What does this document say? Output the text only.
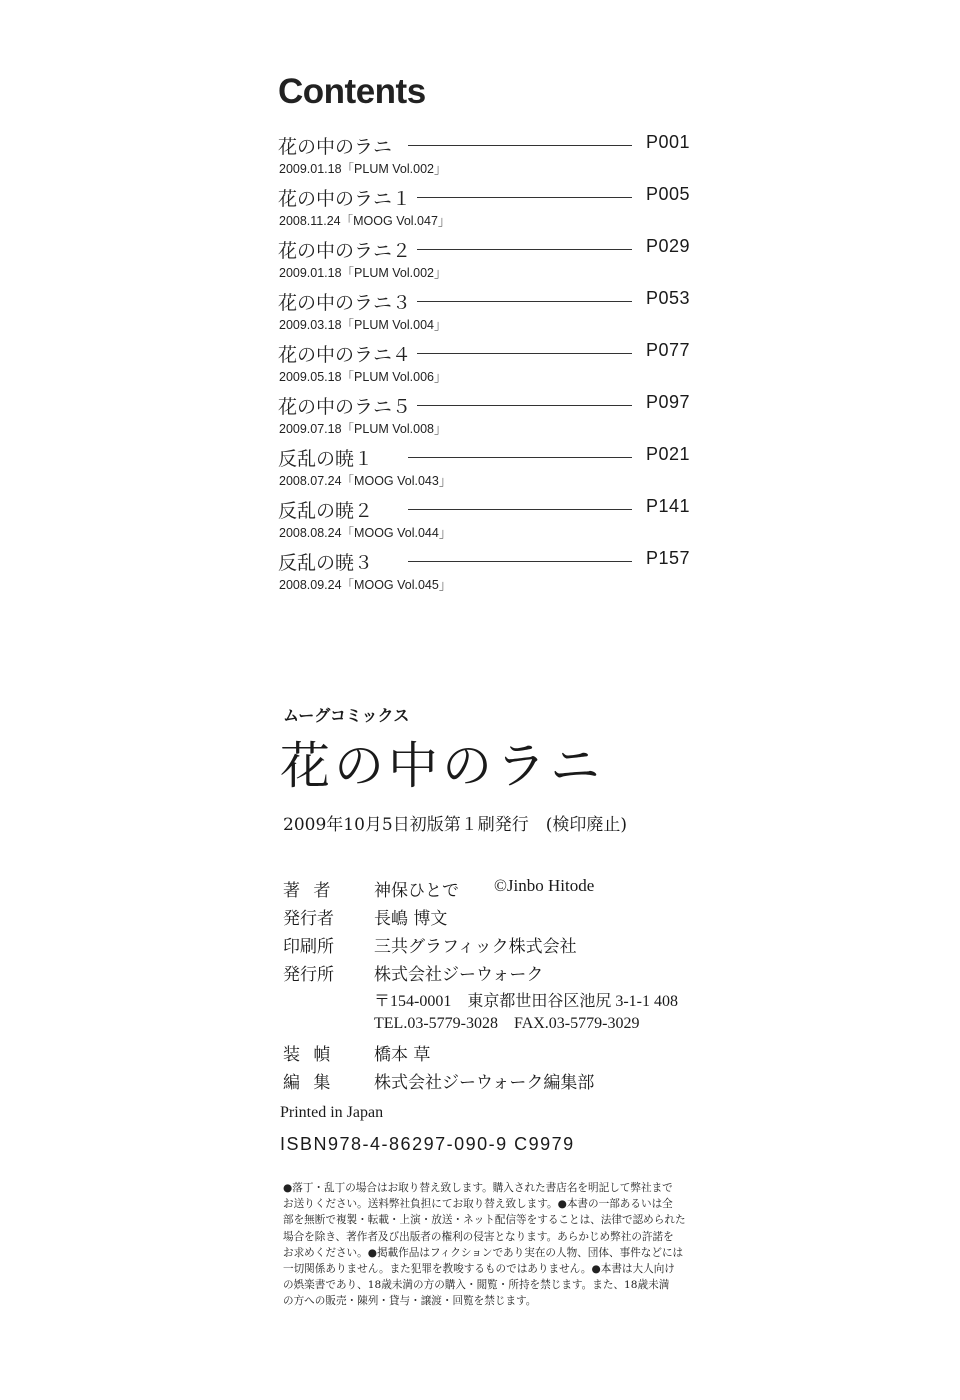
Contents
花の中のラニ	P001
2009.01.18「PLUM Vol.002」
花の中のラニ１	P005
2008.11.24「MOOG Vol.047」
花の中のラニ２	P029
2009.01.18「PLUM Vol.002」
花の中のラニ３	P053
2009.03.18「PLUM Vol.004」
花の中のラニ４	P077
2009.05.18「PLUM Vol.006」
花の中のラニ５	P097
2009.07.18「PLUM Vol.008」
反乱の暁１	P021
2008.07.24「MOOG Vol.043」
反乱の暁２	P141
2008.08.24「MOOG Vol.044」
反乱の暁３	P157
2008.09.24「MOOG Vol.045」
ムーグコミックス
花の中のラニ
2009年10月5日初版第１刷発行　(検印廃止)
著 者	神保ひとで ©Jinbo Hitode
発行者	長嶋 博文
印刷所	三共グラフィック株式会社
発行所	株式会社ジーウォーク
〒154-0001　東京都世田谷区池尻 3-1-1 408
TEL.03-5779-3028　FAX.03-5779-3029
装 幀	橋本 草
編 集	株式会社ジーウォーク編集部
Printed in Japan
ISBN978-4-86297-090-9 C9979
●落丁・乱丁の場合はお取り替え致します。購入された書店名を明記して弊社まで
お送りください。送料弊社負担にてお取り替え致します。●本書の一部あるいは全
部を無断で複製・転載・上演・放送・ネット配信等をすることは、法律で認められた
場合を除き、著作者及び出版者の権利の侵害となります。あらかじめ弊社の許諾を
お求めください。●掲載作品はフィクションであり実在の人物、団体、事件などには
一切関係ありません。また犯罪を教唆するものではありません。●本書は大人向け
の娯楽書であり、18歳未満の方の購入・閲覧・所持を禁じます。また、18歳未満
の方への販売・陳列・貸与・譲渡・回覧を禁じます。
